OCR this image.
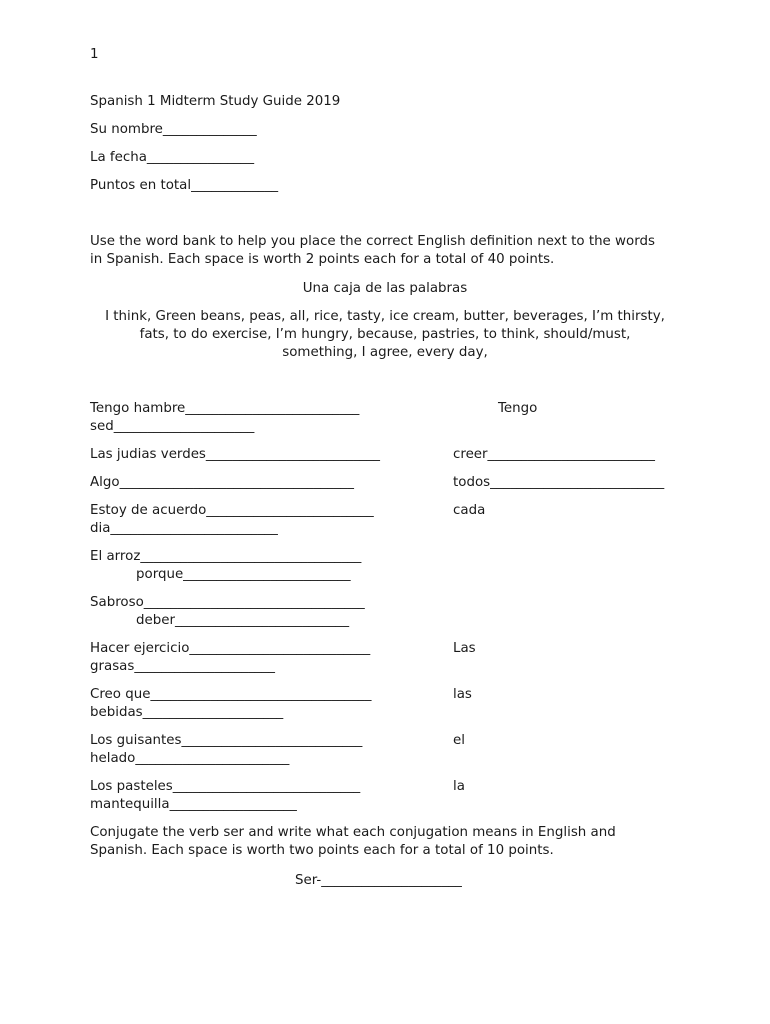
1
Spanish 1 Midterm Study Guide 2019
Su nombre______________
La fecha________________
Puntos en total_____________
Use the word bank to help you place the correct English definition next to the words
in Spanish. Each space is worth 2 points each for a total of 40 points.
Una caja de las palabras
I think, Green beans, peas, all, rice, tasty, ice cream, butter, beverages, I’m thirsty,
fats, to do exercise, I’m hungry, because, pastries, to think, should/must,
something, I agree, every day,
Tengo hambre__________________________	Tengo
sed_____________________
Las judias verdes__________________________	creer_________________________
Algo___________________________________	todos__________________________
Estoy de acuerdo_________________________	cada
dia_________________________
El arroz_________________________________
porque_________________________
Sabroso_________________________________
deber__________________________
Hacer ejercicio___________________________	Las
grasas_____________________
Creo que_________________________________	las
bebidas_____________________
Los guisantes___________________________	el
helado_______________________
Los pasteles____________________________	la
mantequilla___________________
Conjugate the verb ser and write what each conjugation means in English and
Spanish. Each space is worth two points each for a total of 10 points.
Ser-_____________________
